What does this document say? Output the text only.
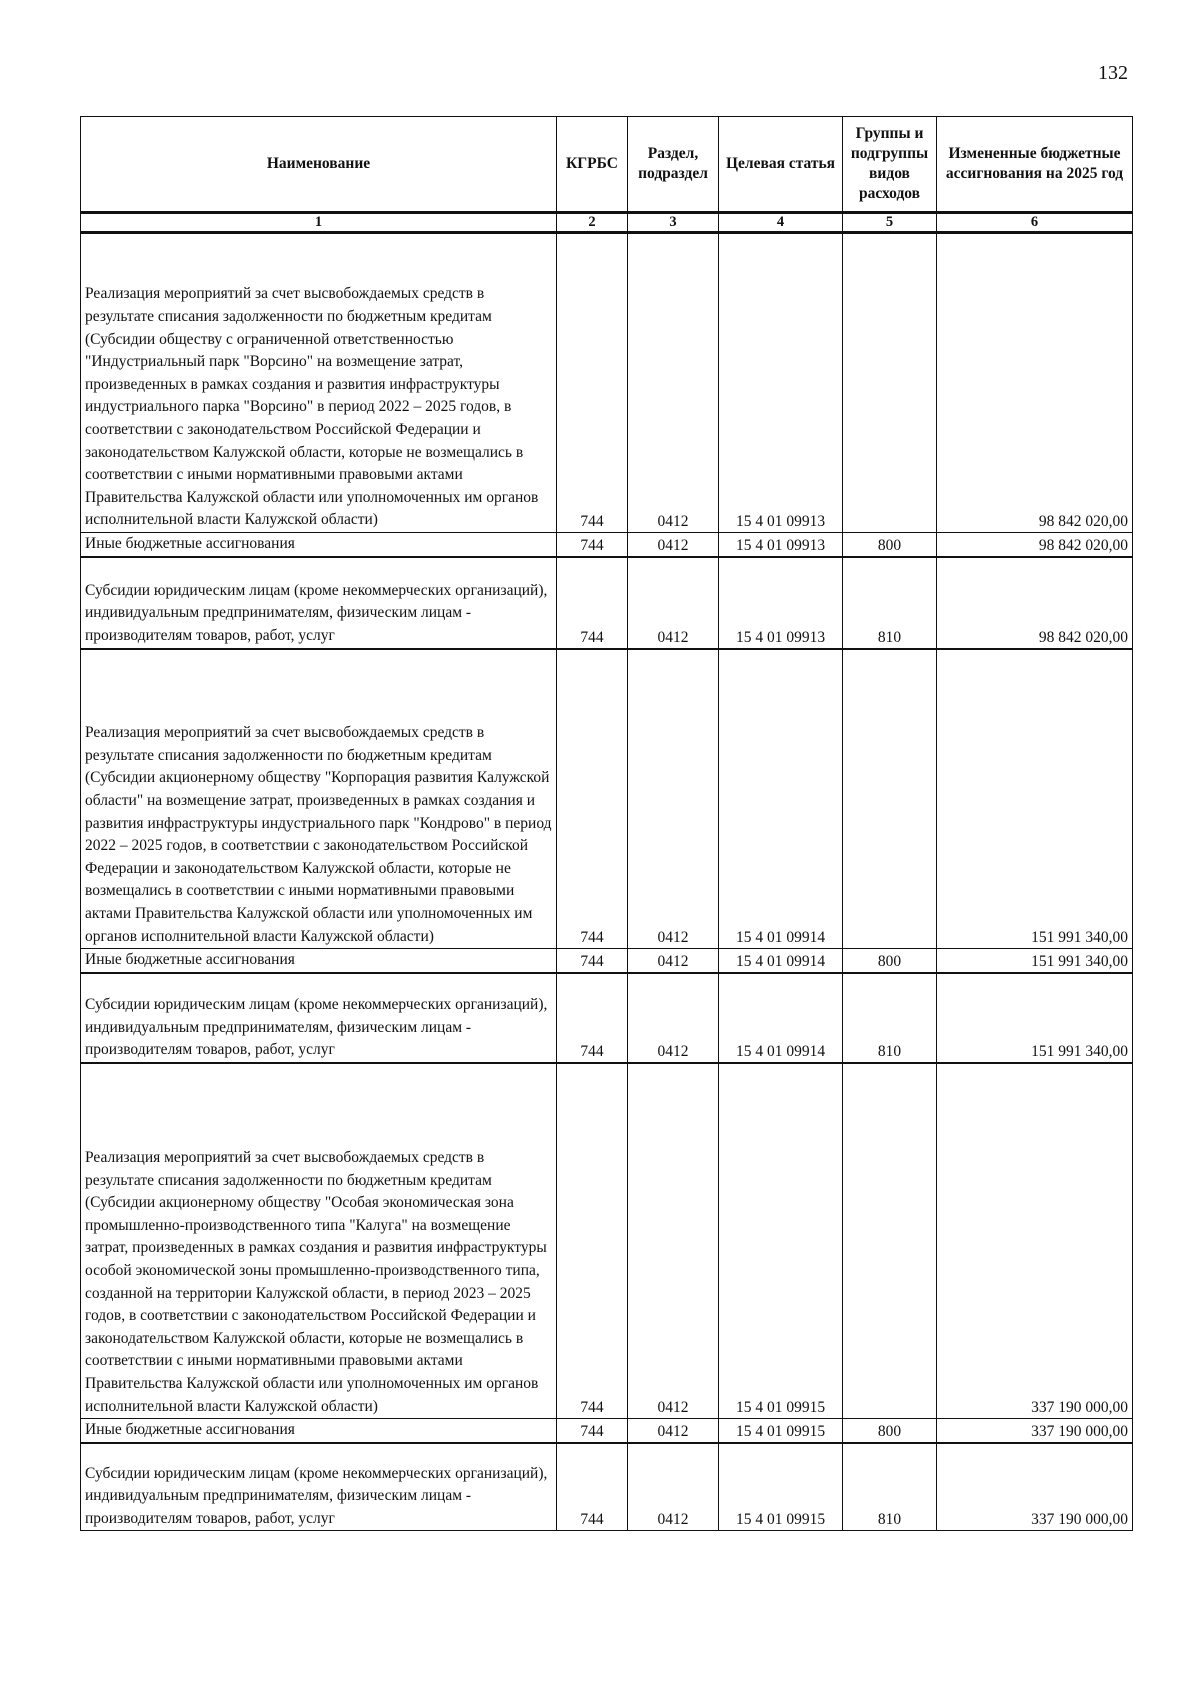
132
Наименование	КГРБС	Раздел, подраздел	Целевая статья	Группы и подгруппы видов расходов	Измененные бюджетные ассигнования на 2025 год
1	2	3	4	5	6
Реализация мероприятий за счет высвобождаемых средств в результате списания задолженности по бюджетным кредитам (Субсидии обществу с ограниченной ответственностью "Индустриальный парк "Ворсино" на возмещение затрат, произведенных в рамках создания и развития инфраструктуры индустриального парка "Ворсино" в период 2022 – 2025 годов, в соответствии с законодательством Российской Федерации и законодательством Калужской области, которые не возмещались в соответствии с иными нормативными правовыми актами Правительства Калужской области или уполномоченных им органов исполнительной власти Калужской области)	744	0412	15 4 01 09913		98 842 020,00
Иные бюджетные ассигнования	744	0412	15 4 01 09913	800	98 842 020,00
Субсидии юридическим лицам (кроме некоммерческих организаций), индивидуальным предпринимателям, физическим лицам - производителям товаров, работ, услуг	744	0412	15 4 01 09913	810	98 842 020,00
Реализация мероприятий за счет высвобождаемых средств в результате списания задолженности по бюджетным кредитам (Субсидии акционерному обществу "Корпорация развития Калужской области" на возмещение затрат, произведенных в рамках создания и развития инфраструктуры индустриального парк "Кондрово" в период 2022 – 2025 годов, в соответствии с законодательством Российской Федерации и законодательством Калужской области, которые не возмещались в соответствии с иными нормативными правовыми актами Правительства Калужской области или уполномоченных им органов исполнительной власти Калужской области)	744	0412	15 4 01 09914		151 991 340,00
Иные бюджетные ассигнования	744	0412	15 4 01 09914	800	151 991 340,00
Субсидии юридическим лицам (кроме некоммерческих организаций), индивидуальным предпринимателям, физическим лицам - производителям товаров, работ, услуг	744	0412	15 4 01 09914	810	151 991 340,00
Реализация мероприятий за счет высвобождаемых средств в результате списания задолженности по бюджетным кредитам (Субсидии акционерному обществу "Особая экономическая зона промышленно-производственного типа "Калуга" на возмещение затрат, произведенных в рамках создания и развития инфраструктуры особой экономической зоны промышленно-производственного типа, созданной на территории Калужской области, в период 2023 – 2025 годов, в соответствии с законодательством Российской Федерации и законодательством Калужской области, которые не возмещались в соответствии с иными нормативными правовыми актами Правительства Калужской области или уполномоченных им органов исполнительной власти Калужской области)	744	0412	15 4 01 09915		337 190 000,00
Иные бюджетные ассигнования	744	0412	15 4 01 09915	800	337 190 000,00
Субсидии юридическим лицам (кроме некоммерческих организаций), индивидуальным предпринимателям, физическим лицам - производителям товаров, работ, услуг	744	0412	15 4 01 09915	810	337 190 000,00
